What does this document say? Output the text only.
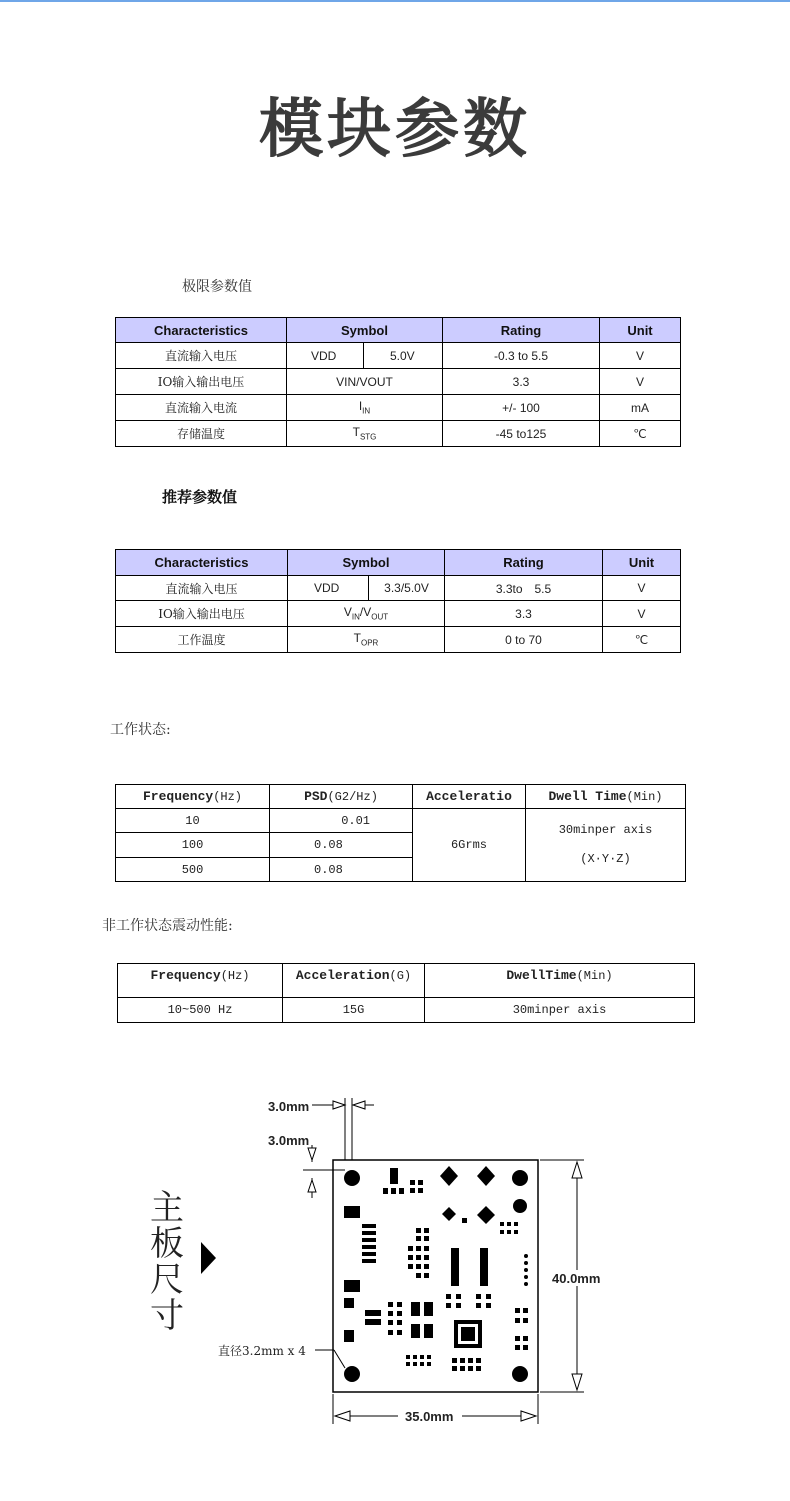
模块参数
极限参数值
Characteristics	Symbol		Rating	Unit
直流输入电压	VDD	5.0V	-0.3 to 5.5	V
IO输入输出电压	VIN/VOUT		3.3	V
直流输入电流	$I_{IN}$		+/- 100	mA
存储温度	$T_{STG}$		-45 to125	℃
推荐参数值
Characteristics	Symbol		Rating	Unit
直流输入电压	VDD	3.3/5.0V	3.3to　5.5	V
IO输入输出电压	$V_{IN}/V_{OUT}$		3.3	V
工作温度	$T_{OPR}$		0 to 70	℃
工作状态:
Frequency(Hz)	PSD(G2/Hz)	Acceleratio	Dwell Time(Min)
10	0.01	6Grms	30minper axis
(X·Y·Z)

100	0.08		
500	0.08		
非工作状态震动性能:
Frequency(Hz)	Acceleration(G)	DwellTime(Min)
10~500 Hz	15G	30minper axis
主板尺寸
3.0mm
3.0mm
40.0mm
35.0mm
直径3.2mm x 4
